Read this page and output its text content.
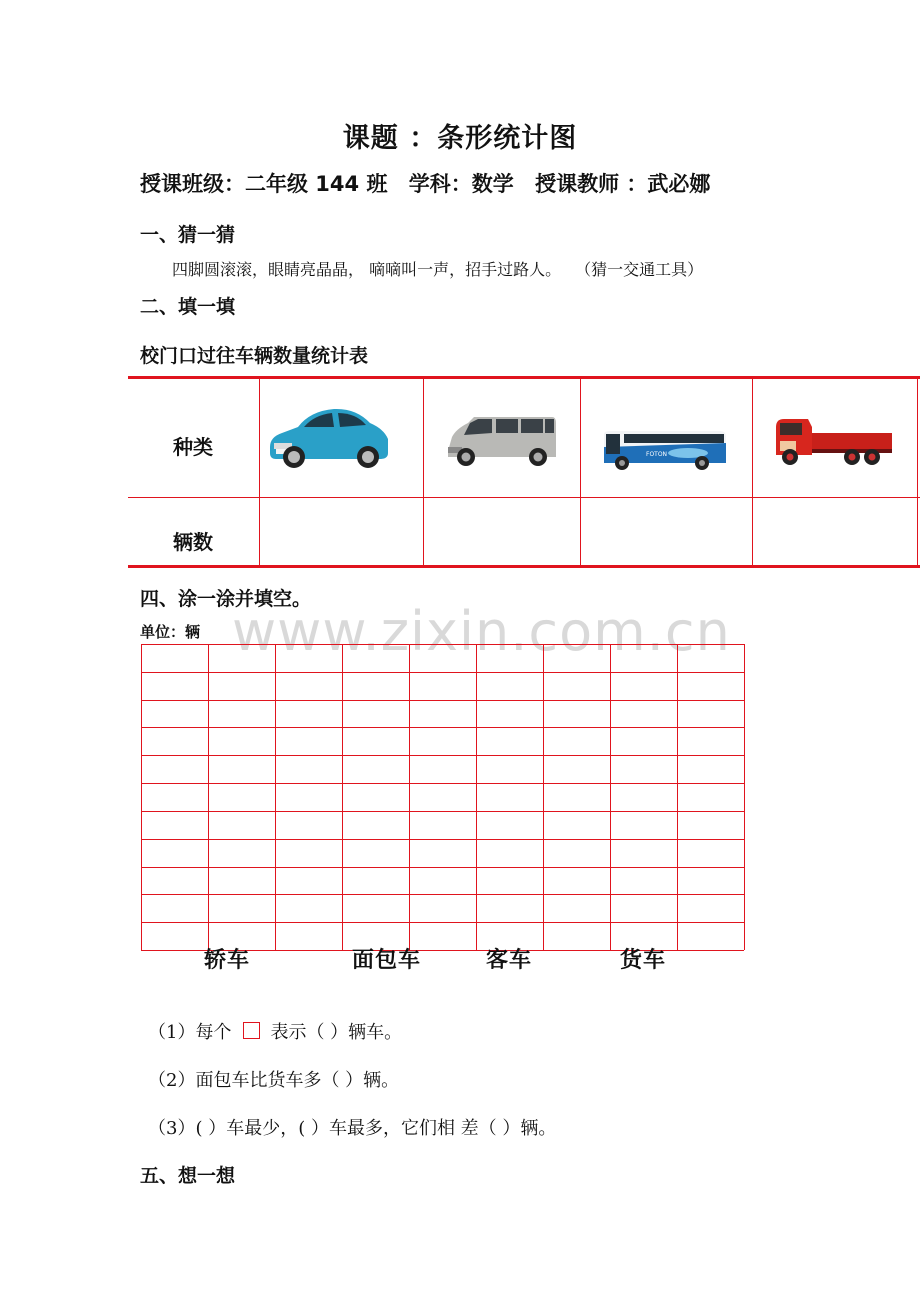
课题 ：条形统计图
授课班级：二年级 144 班 学科：数学 授课教师 ：武必娜
一、猜一猜
四脚圆滚滚，眼睛亮晶晶， 嘀嘀叫一声，招手过路人。 （猜一交通工具）
二、填一填
校门口过往车辆数量统计表
种类
辆数
FOTON
四、涂一涂并填空。
www.zixin.com.cn
单位：辆
轿车	面包车	客车	货车
（1）每个 表示（ ）辆车。
（2）面包车比货车多（ ）辆。
（3）( ）车最少，( ）车最多，它们相 差（ ）辆。
五、想一想
